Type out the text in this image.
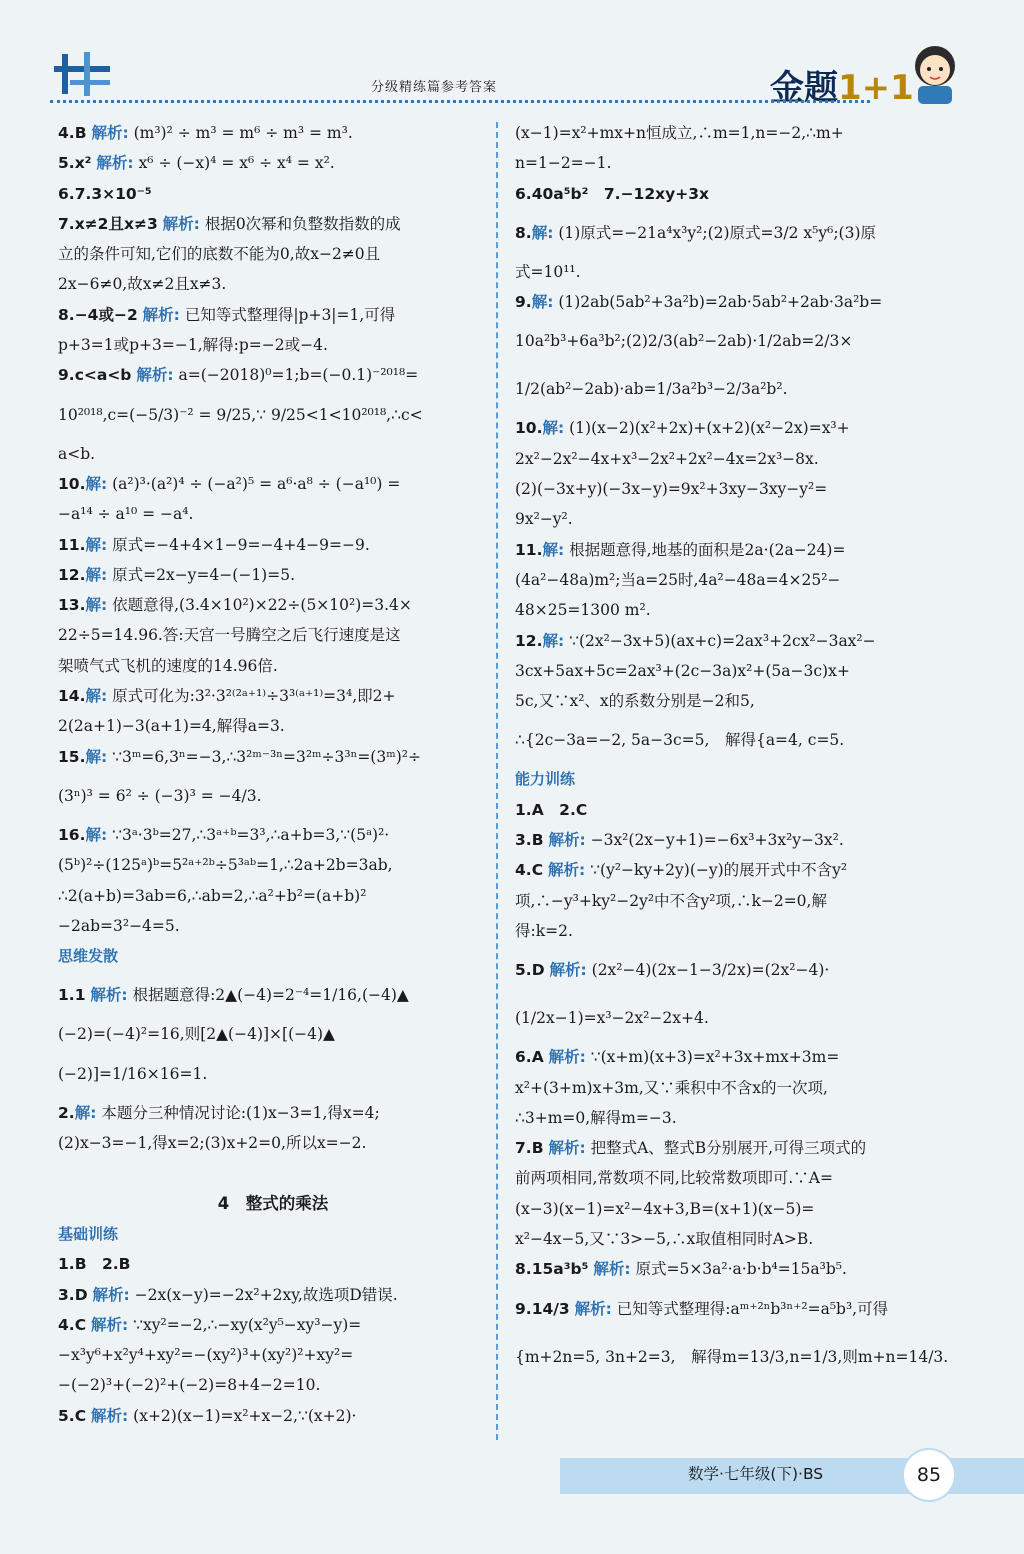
分级精练篇参考答案	金题1+1
4.B 解析: (m³)² ÷ m³ = m⁶ ÷ m³ = m³.
5.x² 解析: x⁶ ÷ (−x)⁴ = x⁶ ÷ x⁴ = x².
6.7.3×10⁻⁵
7.x≠2且x≠3 解析: 根据0次幂和负整数指数的成
立的条件可知,它们的底数不能为0,故x−2≠0且
2x−6≠0,故x≠2且x≠3.
8.−4或−2 解析: 已知等式整理得|p+3|=1,可得
p+3=1或p+3=−1,解得:p=−2或−4.
9.c<a<b 解析: a=(−2018)⁰=1;b=(−0.1)⁻²⁰¹⁸=
10²⁰¹⁸,c=(−5/3)⁻² = 9/25,∵ 9/25<1<10²⁰¹⁸,∴c<
a<b.
10.解: (a²)³·(a²)⁴ ÷ (−a²)⁵ = a⁶·a⁸ ÷ (−a¹⁰) =
−a¹⁴ ÷ a¹⁰ = −a⁴.
11.解: 原式=−4+4×1−9=−4+4−9=−9.
12.解: 原式=2x−y=4−(−1)=5.
13.解: 依题意得,(3.4×10²)×22÷(5×10²)=3.4×
22÷5=14.96.答:天宫一号腾空之后飞行速度是这
架喷气式飞机的速度的14.96倍.
14.解: 原式可化为:3²·3²⁽²ᵃ⁺¹⁾÷3³⁽ᵃ⁺¹⁾=3⁴,即2+
2(2a+1)−3(a+1)=4,解得a=3.
15.解: ∵3ᵐ=6,3ⁿ=−3,∴3²ᵐ⁻³ⁿ=3²ᵐ÷3³ⁿ=(3ᵐ)²÷
(3ⁿ)³ = 6² ÷ (−3)³ = −4/3.
16.解: ∵3ᵃ·3ᵇ=27,∴3ᵃ⁺ᵇ=3³,∴a+b=3,∵(5ᵃ)²·
(5ᵇ)²÷(125ᵃ)ᵇ=5²ᵃ⁺²ᵇ÷5³ᵃᵇ=1,∴2a+2b=3ab,
∴2(a+b)=3ab=6,∴ab=2,∴a²+b²=(a+b)²
−2ab=3²−4=5.
思维发散
1.1 解析: 根据题意得:2▲(−4)=2⁻⁴=1/16,(−4)▲
(−2)=(−4)²=16,则[2▲(−4)]×[(−4)▲
(−2)]=1/16×16=1.
2.解: 本题分三种情况讨论:(1)x−3=1,得x=4;
(2)x−3=−1,得x=2;(3)x+2=0,所以x=−2.
4　整式的乘法
基础训练
1.B　2.B
3.D 解析: −2x(x−y)=−2x²+2xy,故选项D错误.
4.C 解析: ∵xy²=−2,∴−xy(x²y⁵−xy³−y)=
−x³y⁶+x²y⁴+xy²=−(xy²)³+(xy²)²+xy²=
−(−2)³+(−2)²+(−2)=8+4−2=10.
5.C 解析: (x+2)(x−1)=x²+x−2,∵(x+2)·
(x−1)=x²+mx+n恒成立,∴m=1,n=−2,∴m+
n=1−2=−1.
6.40a⁵b²　7.−12xy+3x
8.解: (1)原式=−21a⁴x³y²;(2)原式=3/2 x⁵y⁶;(3)原
式=10¹¹.
9.解: (1)2ab(5ab²+3a²b)=2ab·5ab²+2ab·3a²b=
10a²b³+6a³b²;(2)2/3(ab²−2ab)·1/2ab=2/3×
1/2(ab²−2ab)·ab=1/3a²b³−2/3a²b².
10.解: (1)(x−2)(x²+2x)+(x+2)(x²−2x)=x³+
2x²−2x²−4x+x³−2x²+2x²−4x=2x³−8x.
(2)(−3x+y)(−3x−y)=9x²+3xy−3xy−y²=
9x²−y².
11.解: 根据题意得,地基的面积是2a·(2a−24)=
(4a²−48a)m²;当a=25时,4a²−48a=4×25²−
48×25=1300 m².
12.解: ∵(2x²−3x+5)(ax+c)=2ax³+2cx²−3ax²−
3cx+5ax+5c=2ax³+(2c−3a)x²+(5a−3c)x+
5c,又∵x²、x的系数分别是−2和5,
∴{2c−3a=−2, 5a−3c=5,　解得{a=4, c=5.
能力训练
1.A　2.C
3.B 解析: −3x²(2x−y+1)=−6x³+3x²y−3x².
4.C 解析: ∵(y²−ky+2y)(−y)的展开式中不含y²
项,∴−y³+ky²−2y²中不含y²项,∴k−2=0,解
得:k=2.
5.D 解析: (2x²−4)(2x−1−3/2x)=(2x²−4)·
(1/2x−1)=x³−2x²−2x+4.
6.A 解析: ∵(x+m)(x+3)=x²+3x+mx+3m=
x²+(3+m)x+3m,又∵乘积中不含x的一次项,
∴3+m=0,解得m=−3.
7.B 解析: 把整式A、整式B分别展开,可得三项式的
前两项相同,常数项不同,比较常数项即可.∵A=
(x−3)(x−1)=x²−4x+3,B=(x+1)(x−5)=
x²−4x−5,又∵3>−5,∴x取值相同时A>B.
8.15a³b⁵ 解析: 原式=5×3a²·a·b·b⁴=15a³b⁵.
9.14/3 解析: 已知等式整理得:aᵐ⁺²ⁿb³ⁿ⁺²=a⁵b³,可得
{m+2n=5, 3n+2=3,　解得m=13/3,n=1/3,则m+n=14/3.
数学·七年级(下)·BS	85
